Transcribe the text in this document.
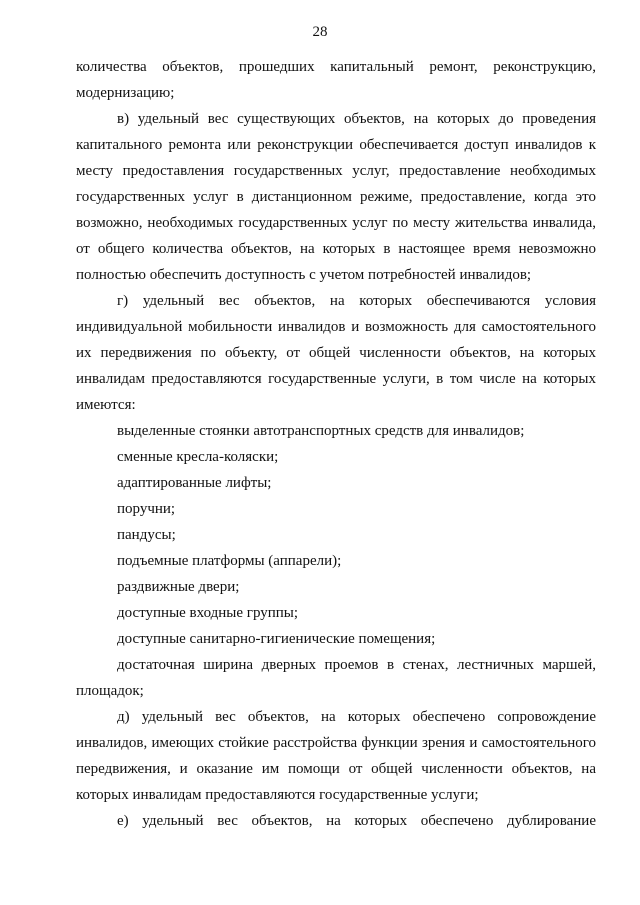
28

количества объектов, прошедших капитальный ремонт, реконструкцию, модернизацию;

в) удельный вес существующих объектов, на которых до проведения капитального ремонта или реконструкции обеспечивается доступ инвалидов к месту предоставления государственных услуг, предоставление необходимых государственных услуг в дистанционном режиме, предоставление, когда это возможно, необходимых государственных услуг по месту жительства инвалида, от общего количества объектов, на которых в настоящее время невозможно полностью обеспечить доступность с учетом потребностей инвалидов;

г) удельный вес объектов, на которых обеспечиваются условия индивидуальной мобильности инвалидов и возможность для самостоятельного их передвижения по объекту, от общей численности объектов, на которых инвалидам предоставляются государственные услуги, в том числе на которых имеются:

выделенные стоянки автотранспортных средств для инвалидов;

сменные кресла-коляски;

адаптированные лифты;

поручни;

пандусы;

подъемные платформы (аппарели);

раздвижные двери;

доступные входные группы;

доступные санитарно-гигиенические помещения;

достаточная ширина дверных проемов в стенах, лестничных маршей, площадок;

д) удельный вес объектов, на которых обеспечено сопровождение инвалидов, имеющих стойкие расстройства функции зрения и самостоятельного передвижения, и оказание им помощи от общей численности объектов, на которых инвалидам предоставляются государственные услуги;

е) удельный вес объектов, на которых обеспечено дублирование
